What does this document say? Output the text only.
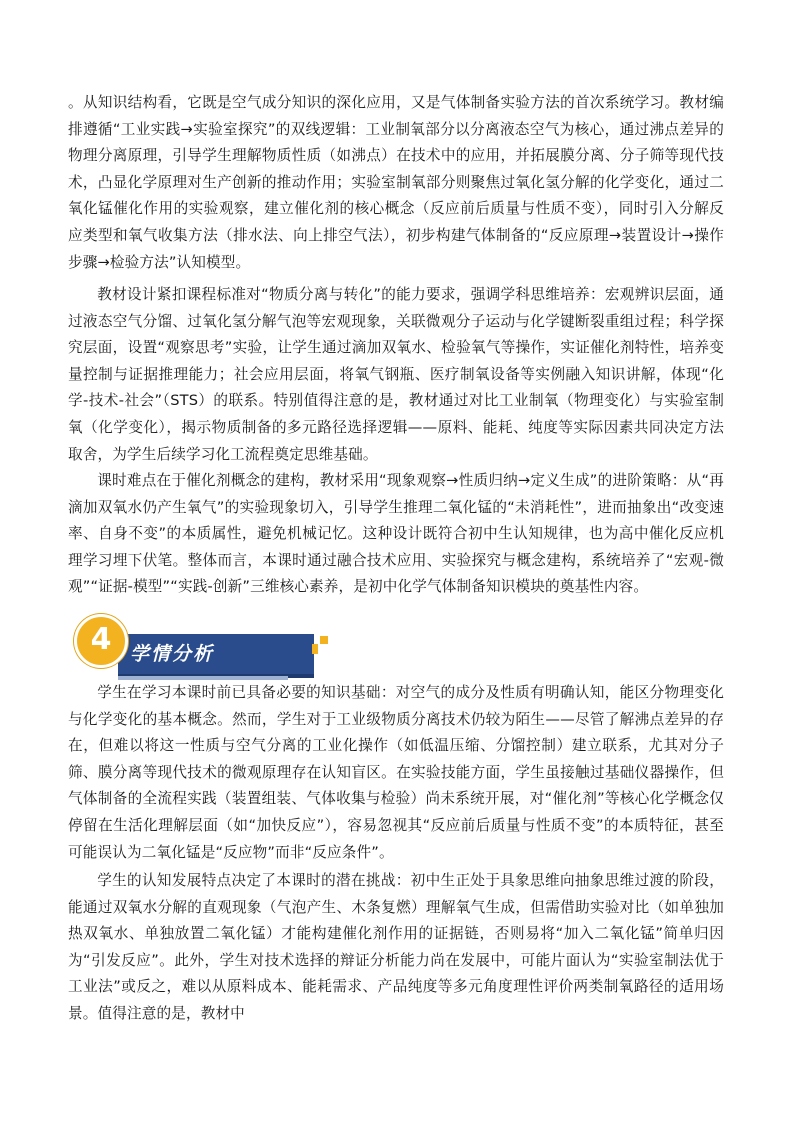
。从知识结构看，它既是空气成分知识的深化应用，又是气体制备实验方法的首次系统学习。教材编排遵循“工业实践→实验室探究”的双线逻辑：工业制氧部分以分离液态空气为核心，通过沸点差异的物理分离原理，引导学生理解物质性质（如沸点）在技术中的应用，并拓展膜分离、分子筛等现代技术，凸显化学原理对生产创新的推动作用；实验室制氧部分则聚焦过氧化氢分解的化学变化，通过二氧化锰催化作用的实验观察，建立催化剂的核心概念（反应前后质量与性质不变），同时引入分解反应类型和氧气收集方法（排水法、向上排空气法），初步构建气体制备的“反应原理→装置设计→操作步骤→检验方法”认知模型。

教材设计紧扣课程标准对“物质分离与转化”的能力要求，强调学科思维培养：宏观辨识层面，通过液态空气分馏、过氧化氢分解气泡等宏观现象，关联微观分子运动与化学键断裂重组过程；科学探究层面，设置“观察思考”实验，让学生通过滴加双氧水、检验氧气等操作，实证催化剂特性，培养变量控制与证据推理能力；社会应用层面，将氧气钢瓶、医疗制氧设备等实例融入知识讲解，体现“化学-技术-社会”（STS）的联系。特别值得注意的是，教材通过对比工业制氧（物理变化）与实验室制氧（化学变化），揭示物质制备的多元路径选择逻辑——原料、能耗、纯度等实际因素共同决定方法取舍，为学生后续学习化工流程奠定思维基础。

课时难点在于催化剂概念的建构，教材采用“现象观察→性质归纳→定义生成”的进阶策略：从“再滴加双氧水仍产生氧气”的实验现象切入，引导学生推理二氧化锰的“未消耗性”，进而抽象出“改变速率、自身不变”的本质属性，避免机械记忆。这种设计既符合初中生认知规律，也为高中催化反应机理学习埋下伏笔。整体而言，本课时通过融合技术应用、实验探究与概念建构，系统培养了“宏观-微观”“证据-模型”“实践-创新”三维核心素养，是初中化学气体制备知识模块的奠基性内容。

4 学情分析

学生在学习本课时前已具备必要的知识基础：对空气的成分及性质有明确认知，能区分物理变化与化学变化的基本概念。然而，学生对于工业级物质分离技术仍较为陌生——尽管了解沸点差异的存在，但难以将这一性质与空气分离的工业化操作（如低温压缩、分馏控制）建立联系，尤其对分子筛、膜分离等现代技术的微观原理存在认知盲区。在实验技能方面，学生虽接触过基础仪器操作，但气体制备的全流程实践（装置组装、气体收集与检验）尚未系统开展，对“催化剂”等核心化学概念仅停留在生活化理解层面（如“加快反应”），容易忽视其“反应前后质量与性质不变”的本质特征，甚至可能误认为二氧化锰是“反应物”而非“反应条件”。

学生的认知发展特点决定了本课时的潜在挑战：初中生正处于具象思维向抽象思维过渡的阶段，能通过双氧水分解的直观现象（气泡产生、木条复燃）理解氧气生成，但需借助实验对比（如单独加热双氧水、单独放置二氧化锰）才能构建催化剂作用的证据链，否则易将“加入二氧化锰”简单归因为“引发反应”。此外，学生对技术选择的辩证分析能力尚在发展中，可能片面认为“实验室制法优于工业法”或反之，难以从原料成本、能耗需求、产品纯度等多元角度理性评价两类制氧路径的适用场景。值得注意的是，教材中
